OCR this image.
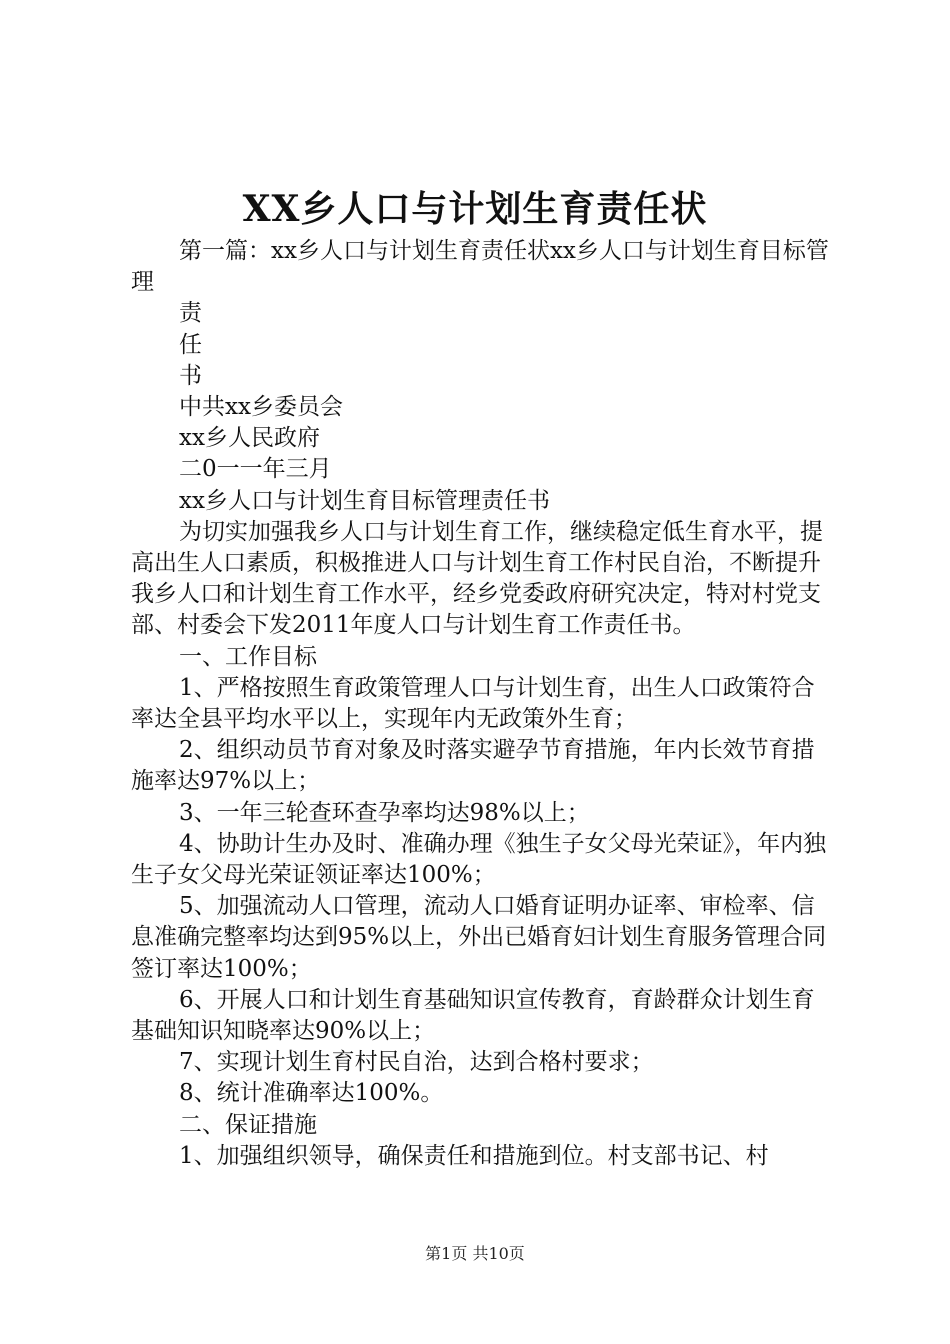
XX乡人口与计划生育责任状

第一篇：xx乡人口与计划生育责任状xx乡人口与计划生育目标管理

责

任

书

中共xx乡委员会

xx乡人民政府

二0一一年三月

xx乡人口与计划生育目标管理责任书

为切实加强我乡人口与计划生育工作，继续稳定低生育水平，提高出生人口素质，积极推进人口与计划生育工作村民自治，不断提升我乡人口和计划生育工作水平，经乡党委政府研究决定，特对村党支部、村委会下发2011年度人口与计划生育工作责任书。

一、工作目标

1、严格按照生育政策管理人口与计划生育，出生人口政策符合率达全县平均水平以上，实现年内无政策外生育；

2、组织动员节育对象及时落实避孕节育措施，年内长效节育措施率达97%以上；

3、一年三轮查环查孕率均达98%以上；

4、协助计生办及时、准确办理《独生子女父母光荣证》，年内独生子女父母光荣证领证率达100%；

5、加强流动人口管理，流动人口婚育证明办证率、审检率、信息准确完整率均达到95%以上，外出已婚育妇计划生育服务管理合同签订率达100%；

6、开展人口和计划生育基础知识宣传教育，育龄群众计划生育基础知识知晓率达90%以上；

7、实现计划生育村民自治，达到合格村要求；

8、统计准确率达100%。

二、保证措施

1、加强组织领导，确保责任和措施到位。村支部书记、村

第1页 共10页
